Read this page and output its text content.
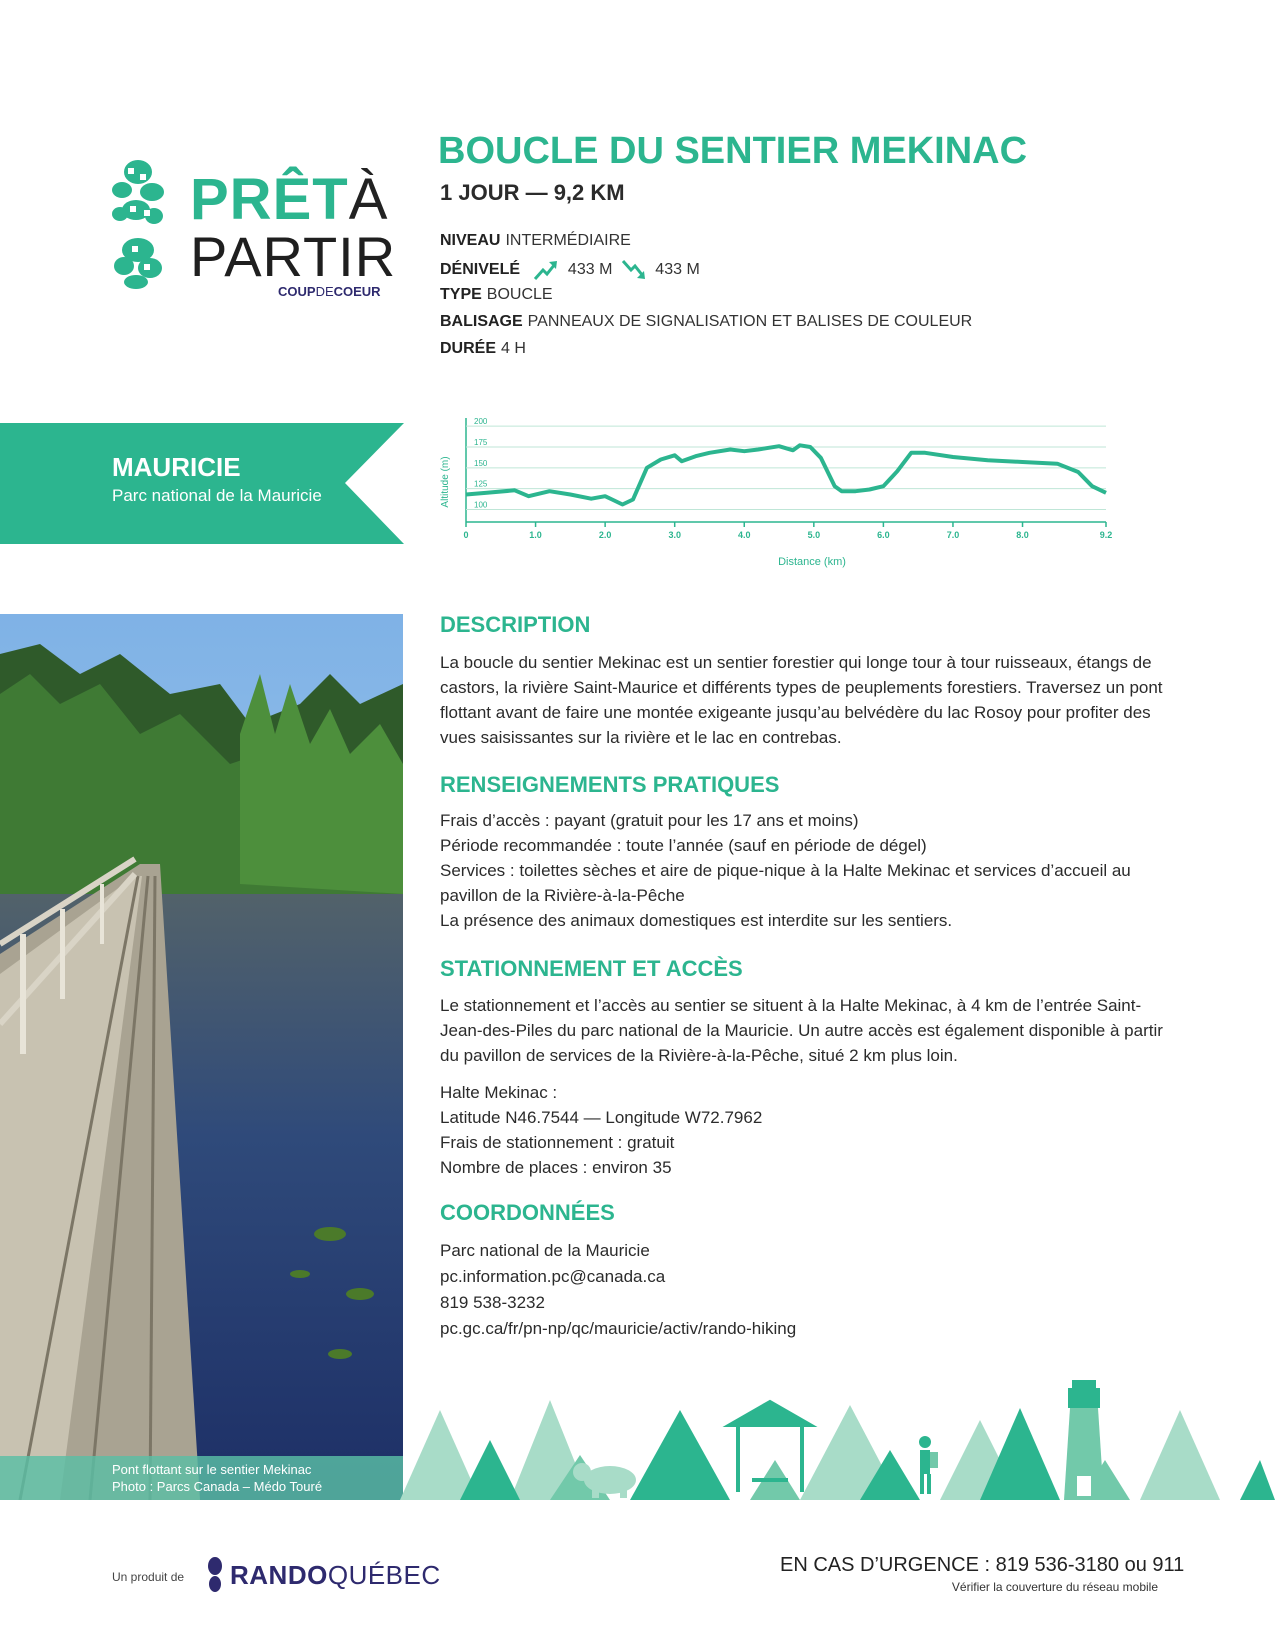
PRÊTÀ
PARTIR
COUPDECOEUR
BOUCLE DU SENTIER MEKINAC
1 JOUR — 9,2 KM
NIVEAU INTERMÉDIAIRE
DÉNIVELÉ	433 M	433 M
TYPE BOUCLE
BALISAGE PANNEAUX DE SIGNALISATION ET BALISES DE COULEUR
DURÉE 4 H
MAURICIE
Parc national de la Mauricie
200
175
150
125
100
0	1.0	2.0	3.0	4.0	5.0	6.0	7.0	8.0	9.2
Altitude (m)
Distance (km)
Pont flottant sur le sentier Mekinac
Photo : Parcs Canada – Médo Touré
DESCRIPTION
La boucle du sentier Mekinac est un sentier forestier qui longe tour à tour ruisseaux, étangs de castors, la rivière Saint-Maurice et différents types de peuplements forestiers. Traversez un pont flottant avant de faire une montée exigeante jusqu’au belvédère du lac Rosoy pour profiter des vues saisissantes sur la rivière et le lac en contrebas.
RENSEIGNEMENTS PRATIQUES
Frais d’accès : payant (gratuit pour les 17 ans et moins)
Période recommandée : toute l’année (sauf en période de dégel)
Services : toilettes sèches et aire de pique-nique à la Halte Mekinac et services d’accueil au pavillon de la Rivière-à-la-Pêche
La présence des animaux domestiques est interdite sur les sentiers.
STATIONNEMENT ET ACCÈS
Le stationnement et l’accès au sentier se situent à la Halte Mekinac, à 4 km de l’entrée Saint-Jean-des-Piles du parc national de la Mauricie. Un autre accès est également disponible à partir du pavillon de services de la Rivière-à-la-Pêche, situé 2 km plus loin.
Halte Mekinac :
Latitude N46.7544 — Longitude W72.7962
Frais de stationnement : gratuit
Nombre de places : environ 35
COORDONNÉES
Parc national de la Mauricie
pc.information.pc@canada.ca
819 538-3232
pc.gc.ca/fr/pn-np/qc/mauricie/activ/rando-hiking
Un produit de RANDOQUÉBEC	EN CAS D’URGENCE : 819 536-3180 ou 911
Vérifier la couverture du réseau mobile
